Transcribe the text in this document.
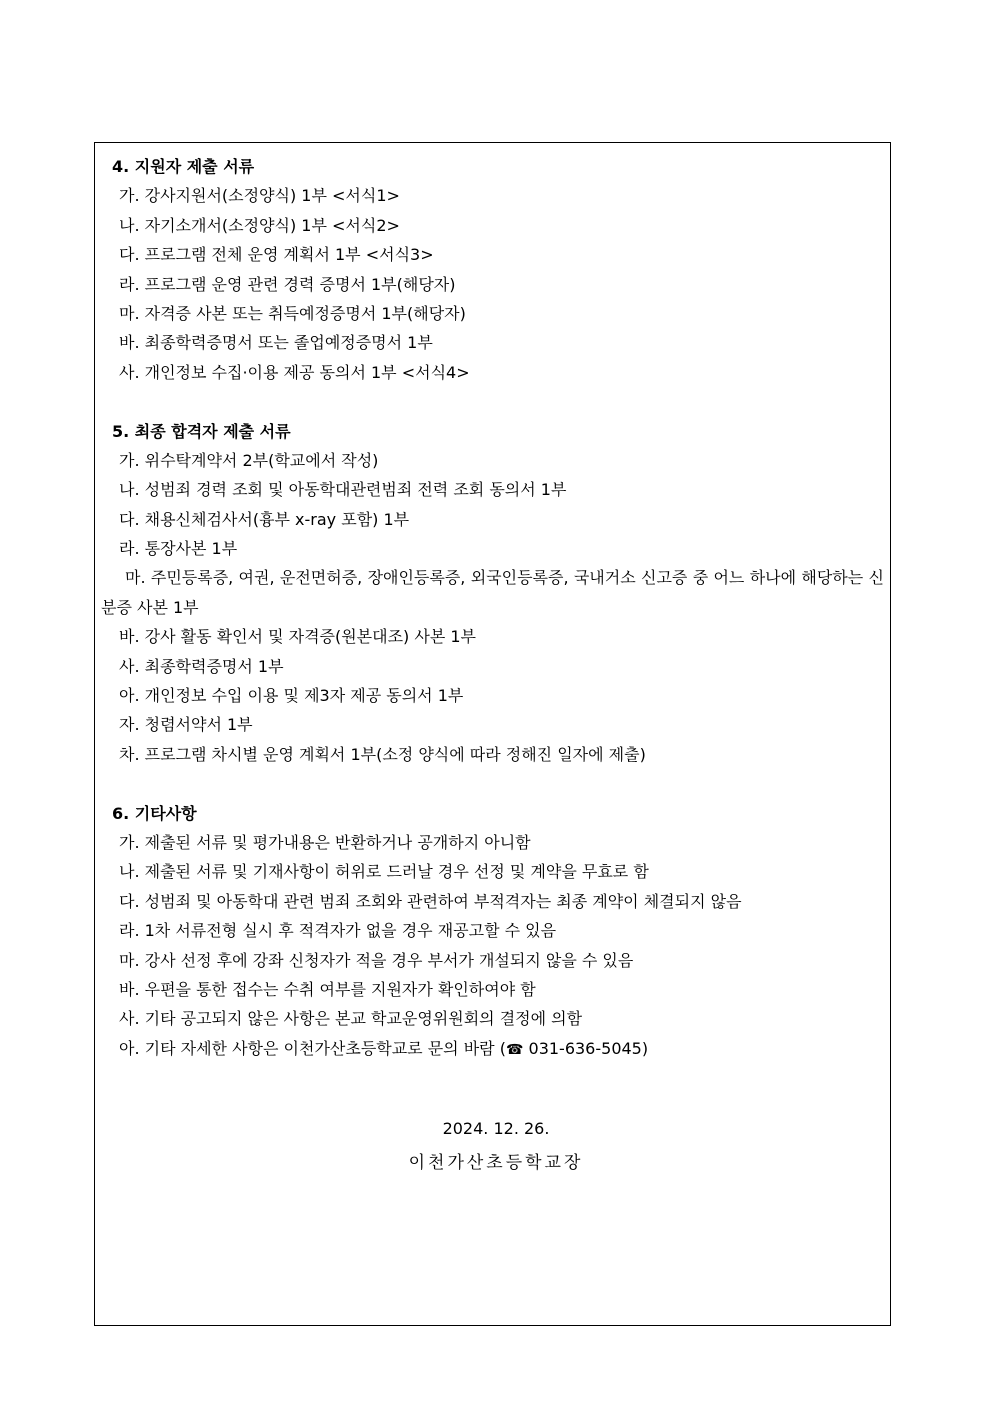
4. 지원자 제출 서류
가. 강사지원서(소정양식) 1부 <서식1>
나. 자기소개서(소정양식) 1부 <서식2>
다. 프로그램 전체 운영 계획서 1부 <서식3>
라. 프로그램 운영 관련 경력 증명서 1부(해당자)
마. 자격증 사본 또는 취득예정증명서 1부(해당자)
바. 최종학력증명서 또는 졸업예정증명서 1부
사. 개인정보 수집·이용 제공 동의서 1부 <서식4>
5. 최종 합격자 제출 서류
가. 위수탁계약서 2부(학교에서 작성)
나. 성범죄 경력 조회 및 아동학대관련범죄 전력 조회 동의서 1부
다. 채용신체검사서(흉부 x-ray 포함) 1부
라. 통장사본 1부
마. 주민등록증, 여권, 운전면허증, 장애인등록증, 외국인등록증, 국내거소 신고증 중 어느 하나에 해당하는 신분증 사본 1부
바. 강사 활동 확인서 및 자격증(원본대조) 사본 1부
사. 최종학력증명서 1부
아. 개인정보 수입 이용 및 제3자 제공 동의서 1부
자. 청렴서약서 1부
차. 프로그램 차시별 운영 계획서 1부(소정 양식에 따라 정해진 일자에 제출)
6. 기타사항
가. 제출된 서류 및 평가내용은 반환하거나 공개하지 아니함
나. 제출된 서류 및 기재사항이 허위로 드러날 경우 선정 및 계약을 무효로 함
다. 성범죄 및 아동학대 관련 범죄 조회와 관련하여 부적격자는 최종 계약이 체결되지 않음
라. 1차 서류전형 실시 후 적격자가 없을 경우 재공고할 수 있음
마. 강사 선정 후에 강좌 신청자가 적을 경우 부서가 개설되지 않을 수 있음
바. 우편을 통한 접수는 수취 여부를 지원자가 확인하여야 함
사. 기타 공고되지 않은 사항은 본교 학교운영위원회의 결정에 의함
아. 기타 자세한 사항은 이천가산초등학교로 문의 바람 (☎ 031-636-5045)
2024. 12. 26.
이천가산초등학교장
